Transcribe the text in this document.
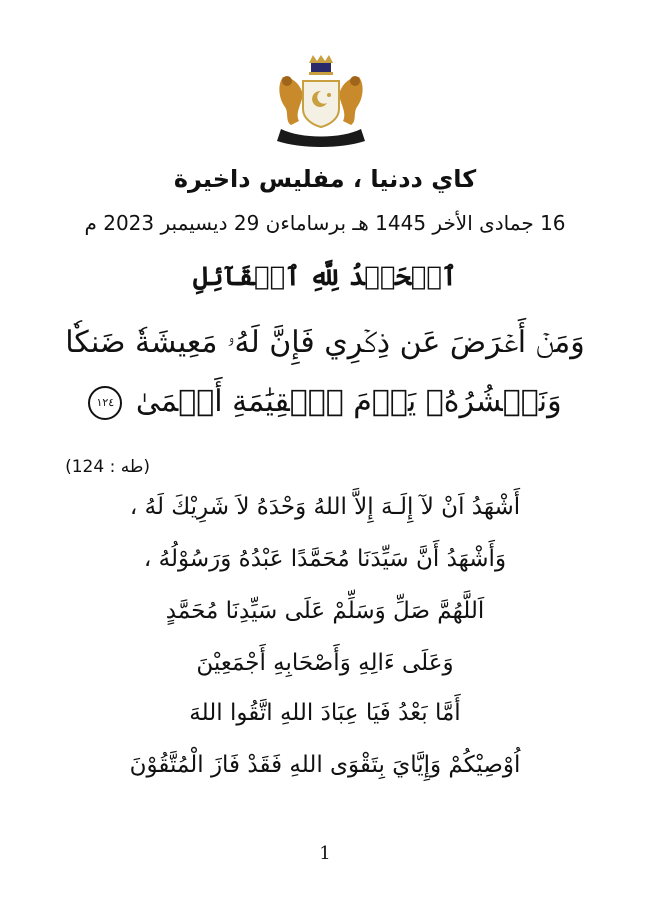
كاي ددنيا ، مفليس داخيرة
16 جمادى الأخر 1445 هـ برساماءن 29 ديسيمبر 2023 م
ٱلۡحَمۡدُ لِلَّهِ ٱلۡقَآئِلِ
وَمَنۡ أَعۡرَضَ عَن ذِكۡرِي فَإِنَّ لَهُۥ مَعِيشَةٗ ضَنكٗا
وَنَحۡشُرُهُۥ يَوۡمَ ٱلۡقِيَٰمَةِ أَعۡمَىٰ ١٢٤
(طه : 124)
أَشْهَدُ اَنْ لآ إِلَـهَ إِلاَّ اللهُ وَحْدَهُ لاَ شَرِيْكَ لَهُ ،
وَأَشْهَدُ أَنَّ سَيِّدَنَا مُحَمَّدًا عَبْدُهُ وَرَسُوْلُهُ ،
اَللَّهُمَّ صَلِّ وَسَلِّمْ عَلَى سَيِّدِنَا مُحَمَّدٍ
وَعَلَى ءَالِهِ وَأَصْحَابِهِ أَجْمَعِيْنَ
أَمَّا بَعْدُ فَيَا عِبَادَ اللهِ اتَّقُوا اللهَ
اُوْصِيْكُمْ وَإِيَّايَ بِتَقْوَى اللهِ فَقَدْ فَازَ الْمُتَّقُوْنَ
1
